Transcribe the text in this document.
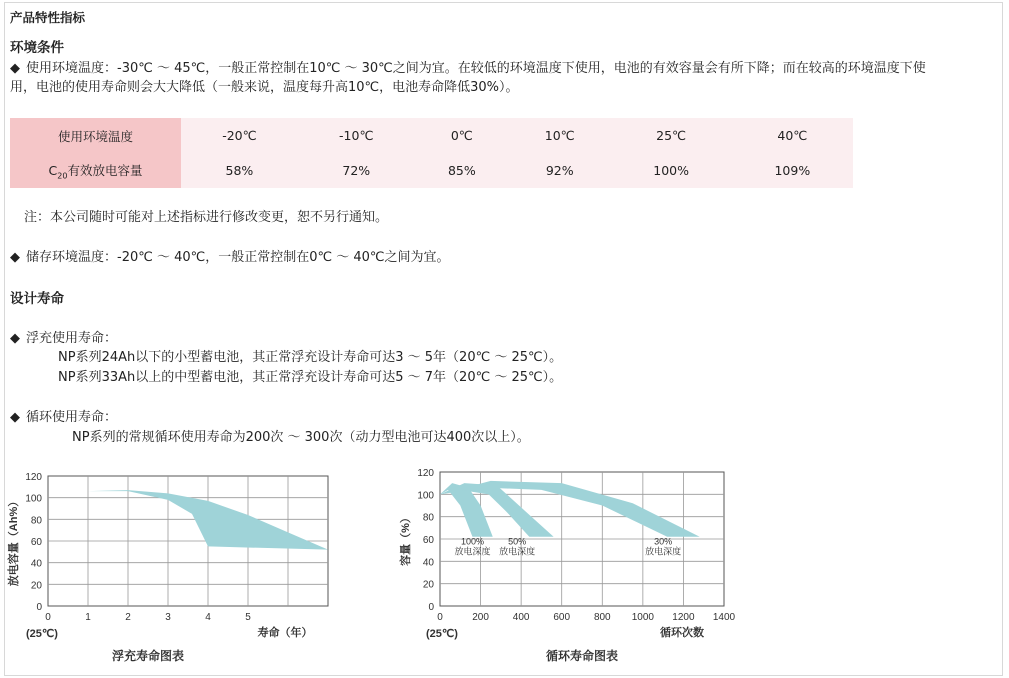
产品特性指标
环境条件
◆ 使用环境温度：-30℃ ～ 45℃，一般正常控制在10℃ ～ 30℃之间为宜。在较低的环境温度下使用，电池的有效容量会有所下降；而在较高的环境温度下使
用，电池的使用寿命则会大大降低（一般来说，温度每升高10℃，电池寿命降低30%）。
使用环境温度	-20℃	-10℃	0℃	10℃	25℃	40℃
$C_{20}$有效放电容量	58%	72%	85%	92%	100%	109%
注：本公司随时可能对上述指标进行修改变更，恕不另行通知。
◆ 储存环境温度：-20℃ ～ 40℃，一般正常控制在0℃ ～ 40℃之间为宜。
设计寿命
◆ 浮充使用寿命：
NP系列24Ah以下的小型蓄电池，其正常浮充设计寿命可达3 ～ 5年（20℃ ～ 25℃）。
NP系列33Ah以上的中型蓄电池，其正常浮充设计寿命可达5 ～ 7年（20℃ ～ 25℃）。
◆ 循环使用寿命：
NP系列的常规循环使用寿命为200次 ～ 300次（动力型电池可达400次以上）。
0
20
40
60
80
100
120
0	1	2	3	4	5
放电容量（Ah%）
寿命（年）
(25℃)
浮充寿命图表
0
20
40
60
80
100
120
0	200 400 600 800 1000 1200 1400
容量（%）
循环次数
(25℃)
循环寿命图表
100%
放电深度
50%
放电深度
30%
放电深度
